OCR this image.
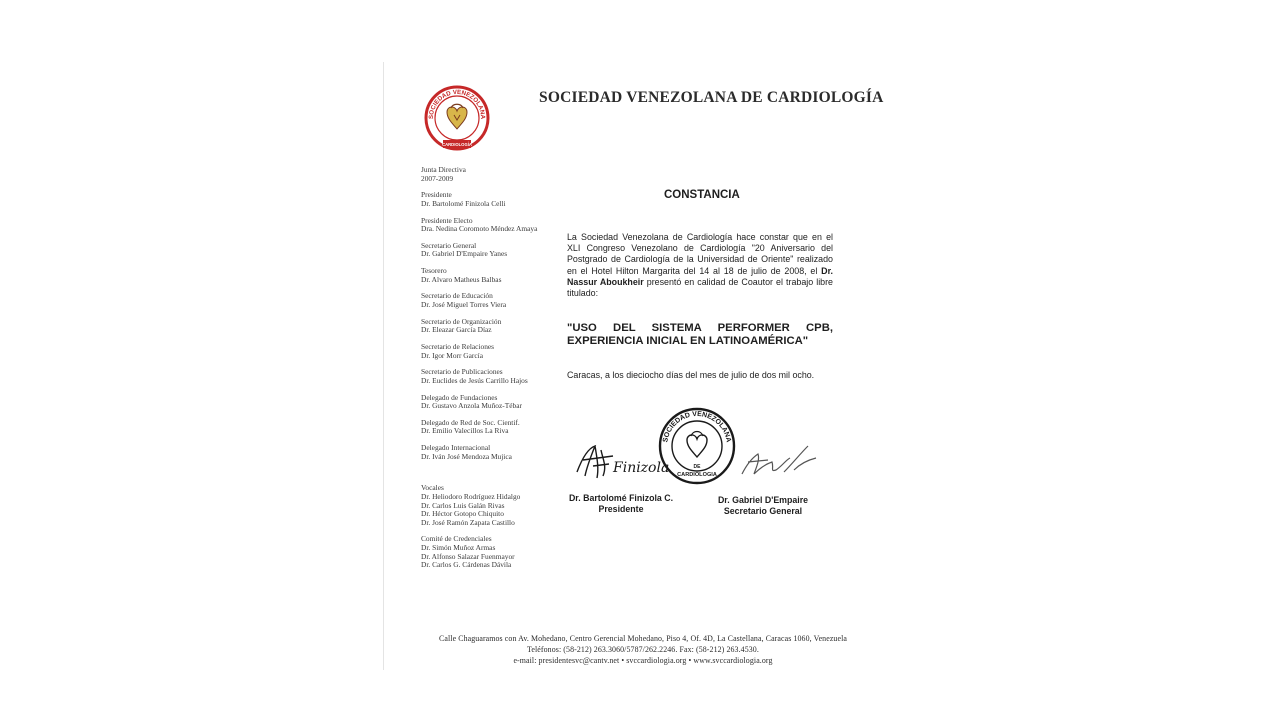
SOCIEDAD VENEZOLANA
CARDIOLOGÍA
SOCIEDAD VENEZOLANA DE CARDIOLOGÍA
Junta Directiva
2007-2009
Presidente
Dr. Bartolomé Finizola Celli
Presidente Electo
Dra. Nedina Coromoto Méndez Amaya
Secretario General
Dr. Gabriel D'Empaire Yanes
Tesorero
Dr. Alvaro Matheus Balbas
Secretario de Educación
Dr. José Miguel Torres Viera
Secretario de Organización
Dr. Eleazar García Díaz
Secretario de Relaciones
Dr. Igor Morr García
Secretario de Publicaciones
Dr. Euclides de Jesús Carrillo Hajos
Delegado de Fundaciones
Dr. Gustavo Anzola Muñoz-Tébar
Delegado de Red de Soc. Cientif.
Dr. Emilio Valecillos La Riva
Delegado Internacional
Dr. Iván José Mendoza Mujica
Vocales
Dr. Heliodoro Rodríguez Hidalgo
Dr. Carlos Luis Galán Rivas
Dr. Héctor Gotopo Chiquito
Dr. José Ramón Zapata Castillo
Comité de Credenciales
Dr. Simón Muñoz Armas
Dr. Alfonso Salazar Fuenmayor
Dr. Carlos G. Cárdenas Dávila
CONSTANCIA
La Sociedad Venezolana de Cardiología hace constar que en el XLI Congreso Venezolano de Cardiología "20 Aniversario del Postgrado de Cardiología de la Universidad de Oriente" realizado en el Hotel Hilton Margarita del 14 al 18 de julio de 2008, el Dr. Nassur Aboukheir presentó en calidad de Coautor el trabajo libre titulado:
"USO DEL SISTEMA PERFORMER CPB,
EXPERIENCIA INICIAL EN LATINOAMÉRICA"
Caracas, a los dieciocho días del mes de julio de dos mil ocho.
Finizola
SOCIEDAD VENEZOLANA
DE
CARDIOLOGIA
Dr. Bartolomé Finizola C.
Presidente
Dr. Gabriel D'Empaire
Secretario General
Calle Chaguaramos con Av. Mohedano, Centro Gerencial Mohedano, Piso 4, Of. 4D, La Castellana, Caracas 1060, Venezuela
Teléfonos: (58-212) 263.3060/5787/262.2246. Fax: (58-212) 263.4530.
e-mail: presidentesvc@cantv.net • svccardiologia.org • www.svccardiologia.org
